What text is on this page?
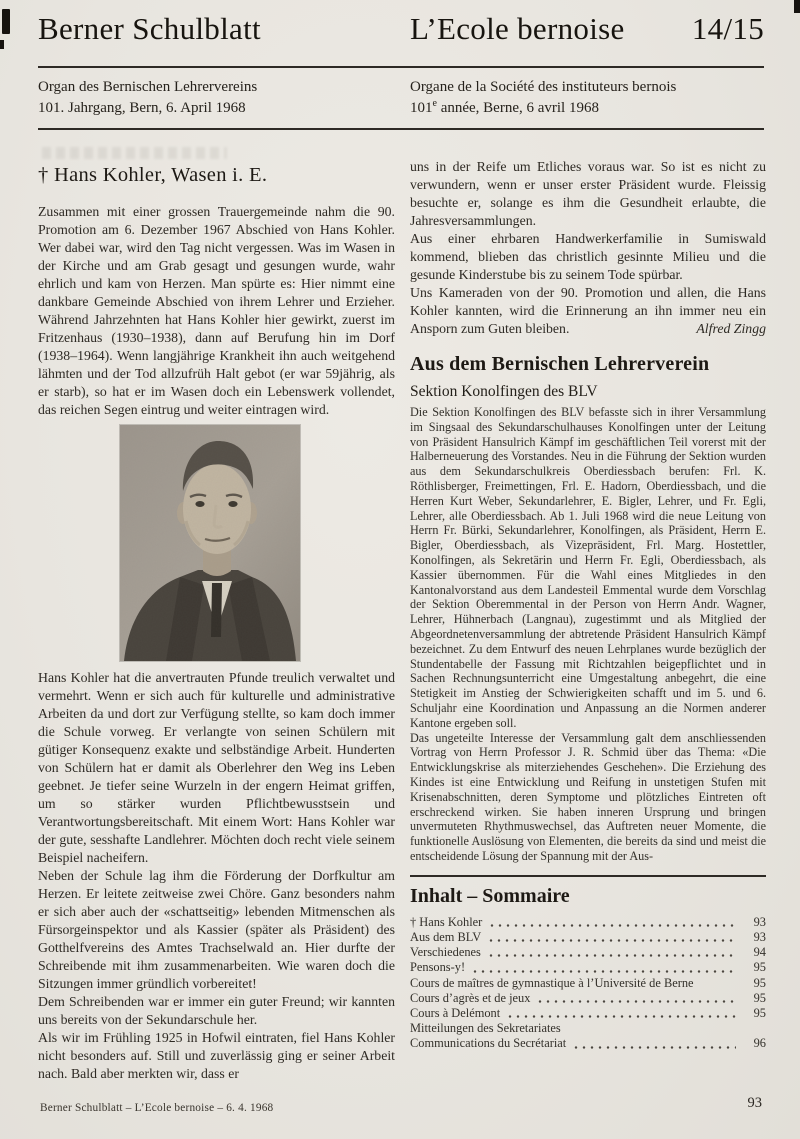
Berner Schulblatt	L’Ecole bernoise 14/15
Organ des Bernischen Lehrervereins
101. Jahrgang, Bern, 6. April 1968
Organe de la Société des instituteurs bernois
101e année, Berne, 6 avril 1968
† Hans Kohler, Wasen i. E.

Zusammen mit einer grossen Trauergemeinde nahm die 90. Promotion am 6. Dezember 1967 Abschied von Hans Kohler. Wer dabei war, wird den Tag nicht vergessen. Was im Wasen in der Kirche und am Grab gesagt und gesungen wurde, wahr ehrlich und kam von Herzen. Man spürte es: Hier nimmt eine dankbare Gemeinde Abschied von ihrem Lehrer und Erzieher. Während Jahrzehnten hat Hans Kohler hier gewirkt, zuerst im Fritzenhaus (1930–1938), dann auf Berufung hin im Dorf (1938–1964). Wenn langjährige Krankheit ihn auch weitgehend lähmten und der Tod allzufrüh Halt gebot (er war 59jährig, als er starb), so hat er im Wasen doch ein Lebenswerk vollendet, das reichen Segen eintrug und weiter eintragen wird.

Hans Kohler hat die anvertrauten Pfunde treulich verwaltet und vermehrt. Wenn er sich auch für kulturelle und administrative Arbeiten da und dort zur Verfügung stellte, so kam doch immer die Schule vorweg. Er verlangte von seinen Schülern mit gütiger Konsequenz exakte und selbständige Arbeit. Hunderten von Schülern hat er damit als Oberlehrer den Weg ins Leben geebnet. Je tiefer seine Wurzeln in der engern Heimat griffen, um so stärker wurden Pflichtbewusstsein und Verantwortungsbereitschaft. Mit einem Wort: Hans Kohler war der gute, sesshafte Landlehrer. Möchten doch recht viele seinem Beispiel nacheifern.

Neben der Schule lag ihm die Förderung der Dorfkultur am Herzen. Er leitete zeitweise zwei Chöre. Ganz besonders nahm er sich aber auch der «schattseitig» lebenden Mitmenschen als Fürsorgeinspektor und als Kassier (später als Präsident) des Gotthelfvereins des Amtes Trachselwald an. Hier durfte der Schreibende mit ihm zusammenarbeiten. Wie waren doch die Sitzungen immer gründlich vorbereitet!

Dem Schreibenden war er immer ein guter Freund; wir kannten uns bereits von der Sekundarschule her.

Als wir im Frühling 1925 in Hofwil eintraten, fiel Hans Kohler nicht besonders auf. Still und zuverlässig ging er seiner Arbeit nach. Bald aber merkten wir, dass er

uns in der Reife um Etliches voraus war. So ist es nicht zu verwundern, wenn er unser erster Präsident wurde. Fleissig besuchte er, solange es ihm die Gesundheit erlaubte, die Jahresversammlungen.

Aus einer ehrbaren Handwerkerfamilie in Sumiswald kommend, blieben das christlich gesinnte Milieu und die gesunde Kinderstube bis zu seinem Tode spürbar.

Uns Kameraden von der 90. Promotion und allen, die Hans Kohler kannten, wird die Erinnerung an ihn immer neu ein Ansporn zum Guten bleiben.	Alfred Zingg

Aus dem Bernischen Lehrerverein
Sektion Konolfingen des BLV

Die Sektion Konolfingen des BLV befasste sich in ihrer Versammlung im Singsaal des Sekundarschulhauses Konolfingen unter der Leitung von Präsident Hansulrich Kämpf im geschäftlichen Teil vorerst mit der Halberneuerung des Vorstandes. Neu in die Führung der Sektion wurden aus dem Sekundarschulkreis Oberdiessbach berufen: Frl. K. Röthlisberger, Freimettingen, Frl. E. Hadorn, Oberdiessbach, und die Herren Kurt Weber, Sekundarlehrer, E. Bigler, Lehrer, und Fr. Egli, Lehrer, alle Oberdiessbach. Ab 1. Juli 1968 wird die neue Leitung von Herrn Fr. Bürki, Sekundarlehrer, Konolfingen, als Präsident, Herrn E. Bigler, Oberdiessbach, als Vizepräsident, Frl. Marg. Hostettler, Konolfingen, als Sekretärin und Herrn Fr. Egli, Oberdiessbach, als Kassier übernommen. Für die Wahl eines Mitgliedes in den Kantonalvorstand aus dem Landesteil Emmental wurde dem Vorschlag der Sektion Oberemmental in der Person von Herrn Andr. Wagner, Lehrer, Hühnerbach (Langnau), zugestimmt und als Mitglied der Abgeordnetenversammlung der abtretende Präsident Hansulrich Kämpf bezeichnet. Zu dem Entwurf des neuen Lehrplanes wurde bezüglich der Stundentabelle der Fassung mit Richtzahlen beigepflichtet und in Sachen Rechnungsunterricht eine Umgestaltung anbegehrt, die eine Stetigkeit im Anstieg der Schwierigkeiten schafft und im 5. und 6. Schuljahr eine Koordination und Anpassung an die Normen anderer Kantone ergeben soll.

Das ungeteilte Interesse der Versammlung galt dem anschliessenden Vortrag von Herrn Professor J. R. Schmid über das Thema: «Die Entwicklungskrise als miterziehendes Geschehen». Die Erziehung des Kindes ist eine Entwicklung und Reifung in unstetigen Stufen mit Krisenabschnitten, deren Symptome und plötzliches Eintreten oft erschreckend wirken. Sie haben inneren Ursprung und bringen unvermuteten Rhythmuswechsel, das Auftreten neuer Momente, die funktionelle Auslösung von Elementen, die bereits da sind und meist die entscheidende Lösung der Spannung mit der Aus-

Inhalt – Sommaire
† Hans Kohler	93
Aus dem BLV	93
Verschiedenes	94
Pensons-y!	95
Cours de maîtres de gymnastique à l’Université de Berne	95
Cours d’agrès et de jeux	95
Cours à Delémont	95
Mitteilungen des Sekretariates
Communications du Secrétariat	96
Berner Schulblatt – L’Ecole bernoise – 6. 4. 1968	93
